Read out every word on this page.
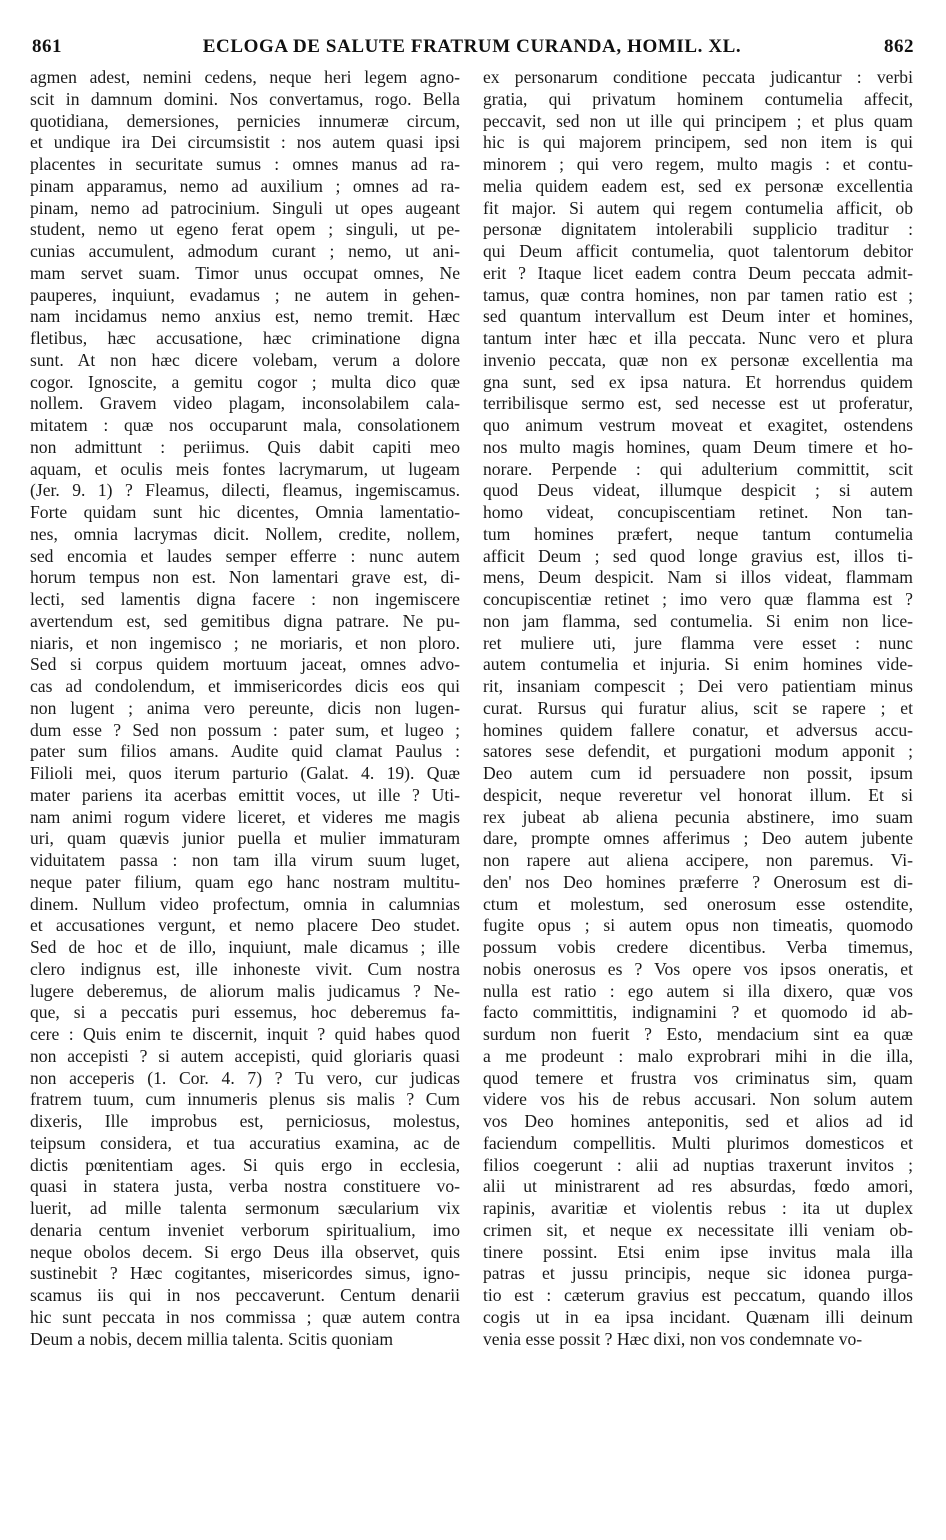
861	ECLOGA DE SALUTE FRATRUM CURANDA, HOMIL. XL.	862
agmen adest, nemini cedens, neque heri legem agno-
scit in damnum domini. Nos convertamus, rogo. Bella
quotidiana, demersiones, pernicies innumeræ circum,
et undique ira Dei circumsistit : nos autem quasi ipsi
placentes in securitate sumus : omnes manus ad ra-
pinam apparamus, nemo ad auxilium ; omnes ad ra-
pinam, nemo ad patrocinium. Singuli ut opes augeant
student, nemo ut egeno ferat opem ; singuli, ut pe-
cunias accumulent, admodum curant ; nemo, ut ani-
mam servet suam. Timor unus occupat omnes, Ne
pauperes, inquiunt, evadamus ; ne autem in gehen-
nam incidamus nemo anxius est, nemo tremit. Hæc
fletibus, hæc accusatione, hæc criminatione digna
sunt. At non hæc dicere volebam, verum a dolore
cogor. Ignoscite, a gemitu cogor ; multa dico quæ
nollem. Gravem video plagam, inconsolabilem cala-
mitatem : quæ nos occuparunt mala, consolationem
non admittunt : periimus. Quis dabit capiti meo
aquam, et oculis meis fontes lacrymarum, ut lugeam
(Jer. 9. 1) ? Fleamus, dilecti, fleamus, ingemiscamus.
Forte quidam sunt hic dicentes, Omnia lamentatio-
nes, omnia lacrymas dicit. Nollem, credite, nollem,
sed encomia et laudes semper efferre : nunc autem
horum tempus non est. Non lamentari grave est, di-
lecti, sed lamentis digna facere : non ingemiscere
avertendum est, sed gemitibus digna patrare. Ne pu-
niaris, et non ingemisco ; ne moriaris, et non ploro.
Sed si corpus quidem mortuum jaceat, omnes advo-
cas ad condolendum, et immisericordes dicis eos qui
non lugent ; anima vero pereunte, dicis non lugen-
dum esse ? Sed non possum : pater sum, et lugeo ;
pater sum filios amans. Audite quid clamat Paulus :
Filioli mei, quos iterum parturio (Galat. 4. 19). Quæ
mater pariens ita acerbas emittit voces, ut ille ? Uti-
nam animi rogum videre liceret, et videres me magis
uri, quam quævis junior puella et mulier immaturam
viduitatem passa : non tam illa virum suum luget,
neque pater filium, quam ego hanc nostram multitu-
dinem. Nullum video profectum, omnia in calumnias
et accusationes vergunt, et nemo placere Deo studet.
Sed de hoc et de illo, inquiunt, male dicamus ; ille
clero indignus est, ille inhoneste vivit. Cum nostra
lugere deberemus, de aliorum malis judicamus ? Ne-
que, si a peccatis puri essemus, hoc deberemus fa-
cere : Quis enim te discernit, inquit ? quid habes quod
non accepisti ? si autem accepisti, quid gloriaris quasi
non acceperis (1. Cor. 4. 7) ? Tu vero, cur judicas
fratrem tuum, cum innumeris plenus sis malis ? Cum
dixeris, Ille improbus est, perniciosus, molestus,
teipsum considera, et tua accuratius examina, ac de
dictis pœnitentiam ages. Si quis ergo in ecclesia,
quasi in statera justa, verba nostra constituere vo-
luerit, ad mille talenta sermonum sæcularium vix
denaria centum inveniet verborum spiritualium, imo
neque obolos decem. Si ergo Deus illa observet, quis
sustinebit ? Hæc cogitantes, misericordes simus, igno-
scamus iis qui in nos peccaverunt. Centum denarii
hic sunt peccata in nos commissa ; quæ autem contra
Deum a nobis, decem millia talenta. Scitis quoniam
ex personarum conditione peccata judicantur : verbi
gratia, qui privatum hominem contumelia affecit,
peccavit, sed non ut ille qui principem ; et plus quam
hic is qui majorem principem, sed non item is qui
minorem ; qui vero regem, multo magis : et contu-
melia quidem eadem est, sed ex personæ excellentia
fit major. Si autem qui regem contumelia afficit, ob
personæ dignitatem intolerabili supplicio traditur :
qui Deum afficit contumelia, quot talentorum debitor
erit ? Itaque licet eadem contra Deum peccata admit-
tamus, quæ contra homines, non par tamen ratio est ;
sed quantum intervallum est Deum inter et homines,
tantum inter hæc et illa peccata. Nunc vero et plura
invenio peccata, quæ non ex personæ excellentia ma
gna sunt, sed ex ipsa natura. Et horrendus quidem
terribilisque sermo est, sed necesse est ut proferatur,
quo animum vestrum moveat et exagitet, ostendens
nos multo magis homines, quam Deum timere et ho-
norare. Perpende : qui adulterium committit, scit
quod Deus videat, illumque despicit ; si autem
homo videat, concupiscentiam retinet. Non tan-
tum homines præfert, neque tantum contumelia
afficit Deum ; sed quod longe gravius est, illos ti-
mens, Deum despicit. Nam si illos videat, flammam
concupiscentiæ retinet ; imo vero quæ flamma est ?
non jam flamma, sed contumelia. Si enim non lice-
ret muliere uti, jure flamma vere esset : nunc
autem contumelia et injuria. Si enim homines vide-
rit, insaniam compescit ; Dei vero patientiam minus
curat. Rursus qui furatur alius, scit se rapere ; et
homines quidem fallere conatur, et adversus accu-
satores sese defendit, et purgationi modum apponit ;
Deo autem cum id persuadere non possit, ipsum
despicit, neque reveretur vel honorat illum. Et si
rex jubeat ab aliena pecunia abstinere, imo suam
dare, prompte omnes afferimus ; Deo autem jubente
non rapere aut aliena accipere, non paremus. Vi-
den' nos Deo homines præferre ? Onerosum est di-
ctum et molestum, sed onerosum esse ostendite,
fugite opus ; si autem opus non timeatis, quomodo
possum vobis credere dicentibus. Verba timemus,
nobis onerosus es ? Vos opere vos ipsos oneratis, et
nulla est ratio : ego autem si illa dixero, quæ vos
facto committitis, indignamini ? et quomodo id ab-
surdum non fuerit ? Esto, mendacium sint ea quæ
a me prodeunt : malo exprobrari mihi in die illa,
quod temere et frustra vos criminatus sim, quam
videre vos his de rebus accusari. Non solum autem
vos Deo homines anteponitis, sed et alios ad id
faciendum compellitis. Multi plurimos domesticos et
filios coegerunt : alii ad nuptias traxerunt invitos ;
alii ut ministrarent ad res absurdas, fœdo amori,
rapinis, avaritiæ et violentis rebus : ita ut duplex
crimen sit, et neque ex necessitate illi veniam ob-
tinere possint. Etsi enim ipse invitus mala illa
patras et jussu principis, neque sic idonea purga-
tio est : cæterum gravius est peccatum, quando illos
cogis ut in ea ipsa incidant. Quænam illi deinum
venia esse possit ? Hæc dixi, non vos condemnate vo-
